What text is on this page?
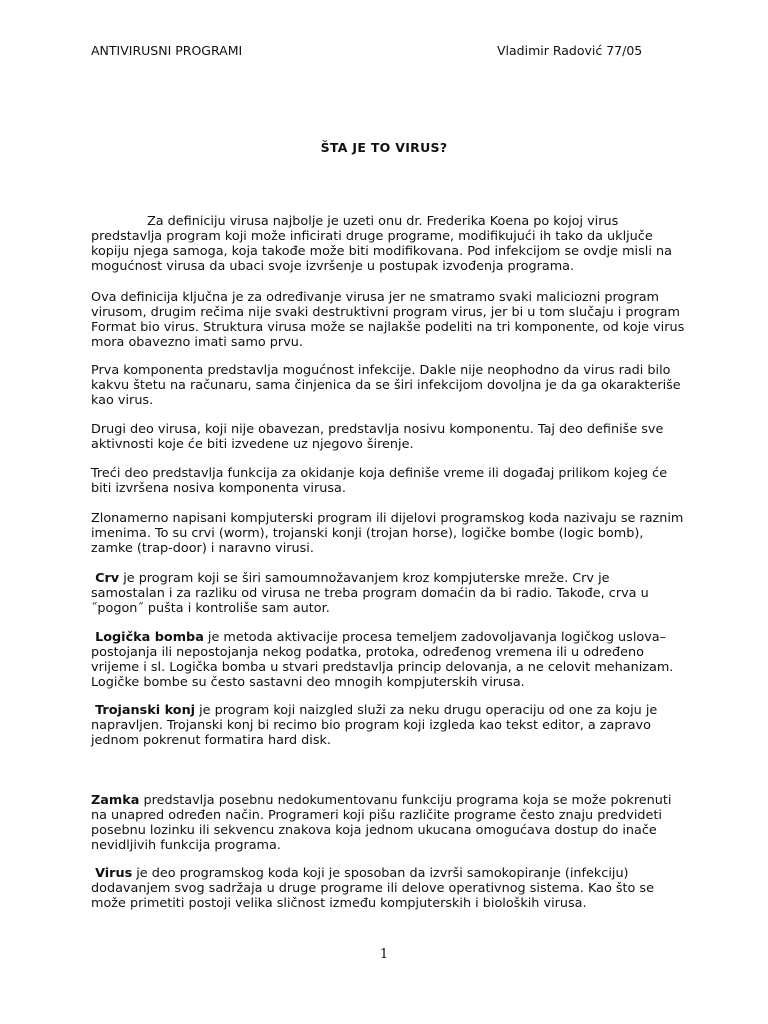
ANTIVIRUSNI PROGRAMI	Vladimir Radović 77/05
ŠTA JE TO VIRUS?

Za definiciju virusa najbolje je uzeti onu dr. Frederika Koena po kojoj virus predstavlja program koji može inficirati druge programe, modifikujući ih tako da uključe kopiju njega samoga, koja takođe može biti modifikovana. Pod infekcijom se ovdje misli na mogućnost virusa da ubaci svoje izvršenje u postupak izvođenja programa.

Ova definicija ključna je za određivanje virusa jer ne smatramo svaki maliciozni program virusom, drugim rečima nije svaki destruktivni program virus, jer bi u tom slučaju i program Format bio virus. Struktura virusa može se najlakše podeliti na tri komponente, od koje virus mora obavezno imati samo prvu.

Prva komponenta predstavlja mogućnost infekcije. Dakle nije neophodno da virus radi bilo kakvu štetu na računaru, sama činjenica da se širi infekcijom dovoljna je da ga okarakteriše kao virus.

Drugi deo virusa, koji nije obavezan, predstavlja nosivu komponentu. Taj deo definiše sve aktivnosti koje će biti izvedene uz njegovo širenje.

Treći deo predstavlja funkcija za okidanje koja definiše vreme ili događaj prilikom kojeg će biti izvršena nosiva komponenta virusa.

Zlonamerno napisani kompjuterski program ili dijelovi programskog koda nazivaju se raznim imenima. To su crvi (worm), trojanski konji (trojan horse), logičke bombe (logic bomb), zamke (trap-door) i naravno virusi.

Crv je program koji se širi samoumnožavanjem kroz kompjuterske mreže. Crv je samostalan i za razliku od virusa ne treba program domaćin da bi radio. Takođe, crva u ˝pogon˝ pušta i kontroliše sam autor.

Logička bomba je metoda aktivacije procesa temeljem zadovoljavanja logičkog uslova– postojanja ili nepostojanja nekog podatka, protoka, određenog vremena ili u određeno vrijeme i sl. Logička bomba u stvari predstavlja princip delovanja, a ne celovit mehanizam. Logičke bombe su često sastavni deo mnogih kompjuterskih virusa.

Trojanski konj je program koji naizgled služi za neku drugu operaciju od one za koju je napravljen. Trojanski konj bi recimo bio program koji izgleda kao tekst editor, a zapravo jednom pokrenut formatira hard disk.

Zamka predstavlja posebnu nedokumentovanu funkciju programa koja se može pokrenuti na unapred određen način. Programeri koji pišu različite programe često znaju predvideti posebnu lozinku ili sekvencu znakova koja jednom ukucana omogućava dostup do inače nevidljivih funkcija programa.

Virus je deo programskog koda koji je sposoban da izvrši samokopiranje (infekciju) dodavanjem svog sadržaja u druge programe ili delove operativnog sistema. Kao što se može primetiti postoji velika sličnost između kompjuterskih i bioloških virusa.

1
